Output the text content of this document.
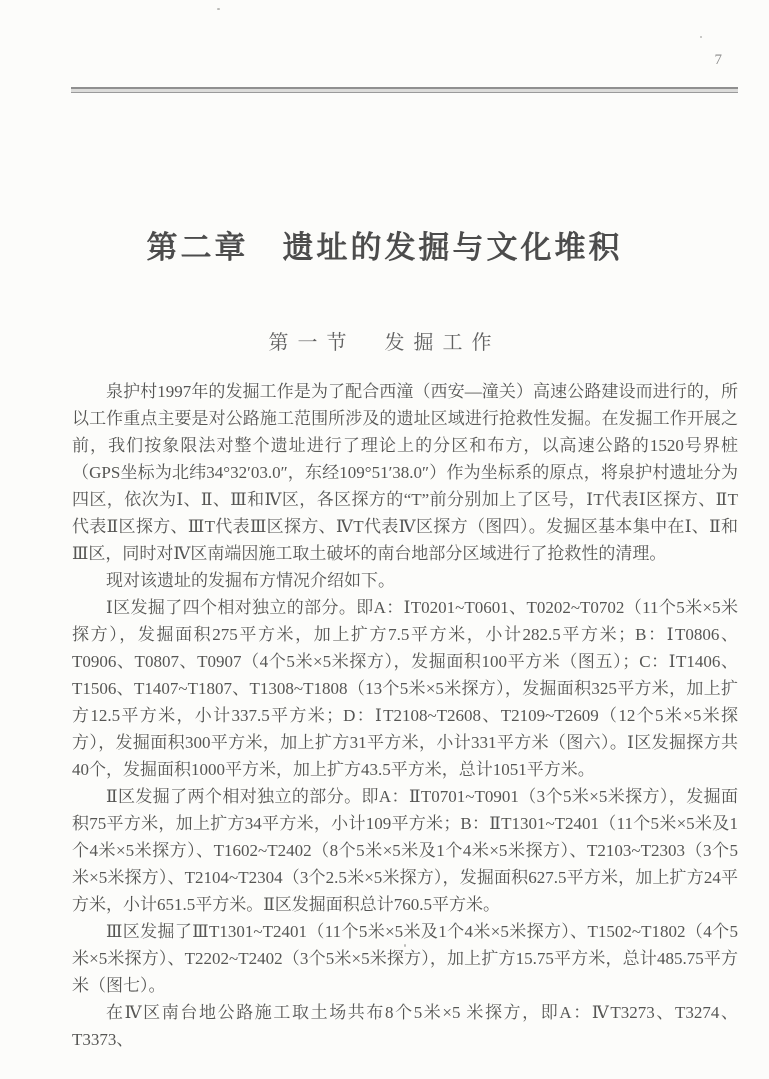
7
第二章　遗址的发掘与文化堆积
第一节　发掘工作

泉护村1997年的发掘工作是为了配合西潼（西安—潼关）高速公路建设而进行的，所以工作重点主要是对公路施工范围所涉及的遗址区域进行抢救性发掘。在发掘工作开展之前，我们按象限法对整个遗址进行了理论上的分区和布方，以高速公路的1520号界桩（GPS坐标为北纬34°32′03.0″，东经109°51′38.0″）作为坐标系的原点，将泉护村遗址分为四区，依次为Ⅰ、Ⅱ、Ⅲ和Ⅳ区，各区探方的“T”前分别加上了区号，ⅠT代表Ⅰ区探方、ⅡT代表Ⅱ区探方、ⅢT代表Ⅲ区探方、ⅣT代表Ⅳ区探方（图四）。发掘区基本集中在Ⅰ、Ⅱ和Ⅲ区，同时对Ⅳ区南端因施工取土破坏的南台地部分区域进行了抢救性的清理。

现对该遗址的发掘布方情况介绍如下。

Ⅰ区发掘了四个相对独立的部分。即A：ⅠT0201~T0601、T0202~T0702（11个5米×5米探方），发掘面积275平方米，加上扩方7.5平方米，小计282.5平方米；B：ⅠT0806、T0906、T0807、T0907（4个5米×5米探方），发掘面积100平方米（图五）；C：ⅠT1406、T1506、T1407~T1807、T1308~T1808（13个5米×5米探方），发掘面积325平方米，加上扩方12.5平方米，小计337.5平方米；D：ⅠT2108~T2608、T2109~T2609（12个5米×5米探方），发掘面积300平方米，加上扩方31平方米，小计331平方米（图六）。Ⅰ区发掘探方共40个，发掘面积1000平方米，加上扩方43.5平方米，总计1051平方米。

Ⅱ区发掘了两个相对独立的部分。即A：ⅡT0701~T0901（3个5米×5米探方），发掘面积75平方米，加上扩方34平方米，小计109平方米；B：ⅡT1301~T2401（11个5米×5米及1个4米×5米探方）、T1602~T2402（8个5米×5米及1个4米×5米探方）、T2103~T2303（3个5米×5米探方）、T2104~T2304（3个2.5米×5米探方），发掘面积627.5平方米，加上扩方24平方米，小计651.5平方米。Ⅱ区发掘面积总计760.5平方米。

Ⅲ区发掘了ⅢT1301~T2401（11个5米×5米及1个4米×5米探方）、T1502~T1802（4个5米×5米探方）、T2202~T2402（3个5米×5米探方），加上扩方15.75平方米，总计485.75平方米（图七）。

在Ⅳ区南台地公路施工取土场共布8个5米×5 米探方，即A：ⅣT3273、T3274、T3373、
